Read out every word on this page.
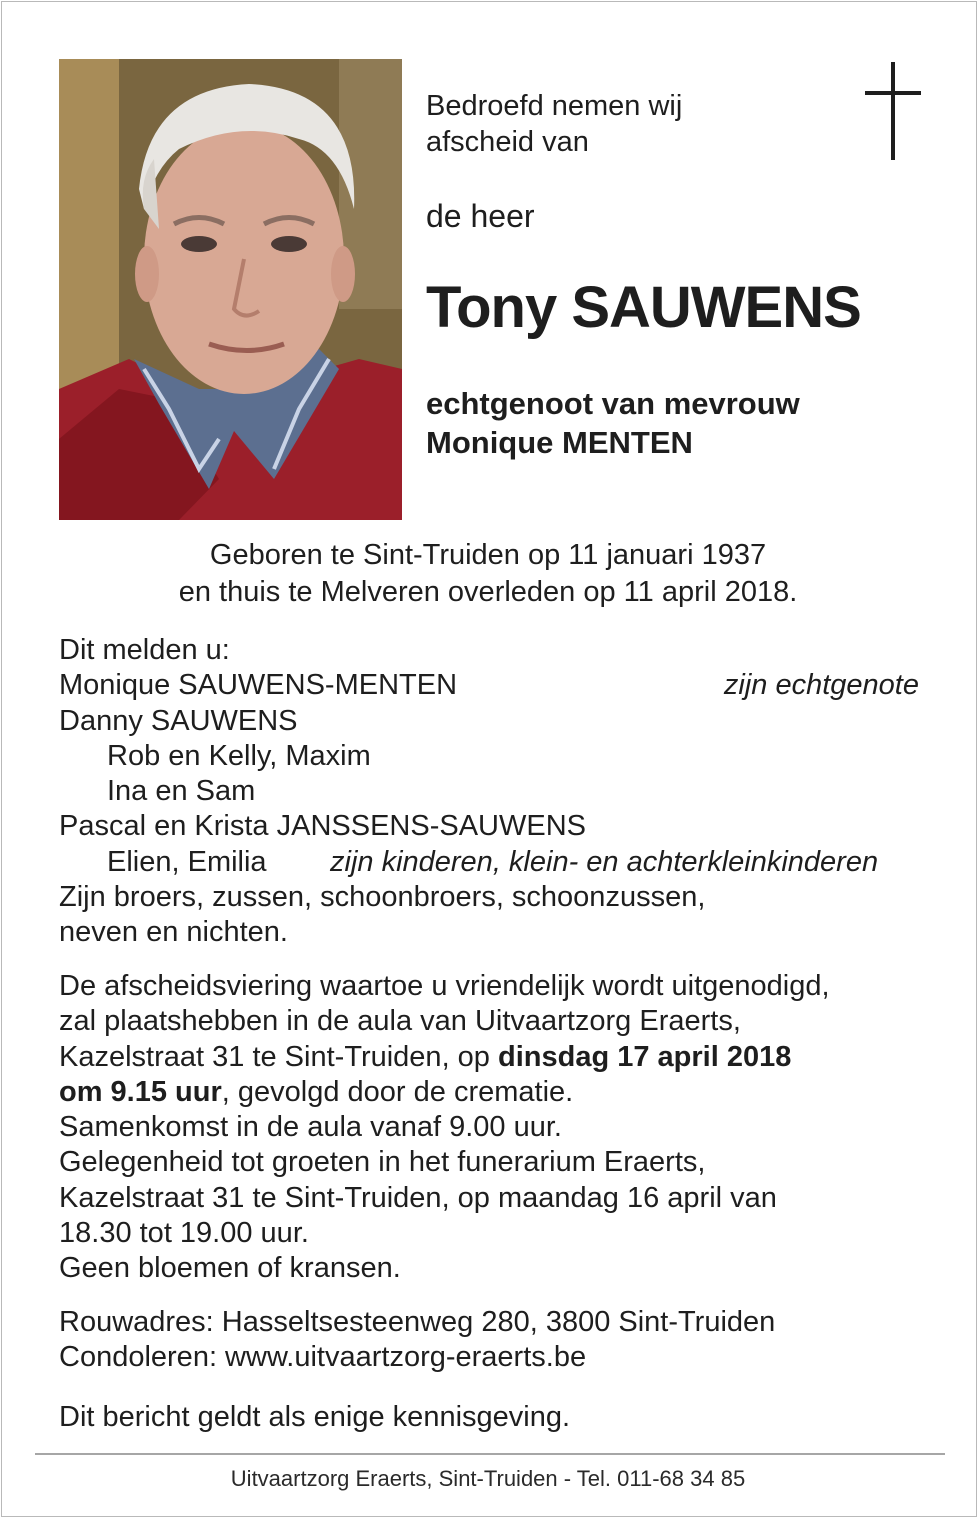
Bedroefd nemen wij
afscheid van
de heer
Tony SAUWENS
echtgenoot van mevrouw
Monique MENTEN
Geboren te Sint-Truiden op 11 januari 1937
en thuis te Melveren overleden op 11 april 2018.
Dit melden u:
Monique SAUWENS-MENTEN	zijn echtgenote
Danny SAUWENS
Rob en Kelly, Maxim
Ina en Sam
Pascal en Krista JANSSENS-SAUWENS
Elien, Emilia zijn kinderen, klein- en achterkleinkinderen
Zijn broers, zussen, schoonbroers, schoonzussen,
neven en nichten.
De afscheidsviering waartoe u vriendelijk wordt uitgenodigd,
zal plaatshebben in de aula van Uitvaartzorg Eraerts,
Kazelstraat 31 te Sint-Truiden, op dinsdag 17 april 2018
om 9.15 uur, gevolgd door de crematie.
Samenkomst in de aula vanaf 9.00 uur.
Gelegenheid tot groeten in het funerarium Eraerts,
Kazelstraat 31 te Sint-Truiden, op maandag 16 april van
18.30 tot 19.00 uur.
Geen bloemen of kransen.
Rouwadres: Hasseltsesteenweg 280, 3800 Sint-Truiden
Condoleren: www.uitvaartzorg-eraerts.be
Dit bericht geldt als enige kennisgeving.
Uitvaartzorg Eraerts, Sint-Truiden - Tel. 011-68 34 85
